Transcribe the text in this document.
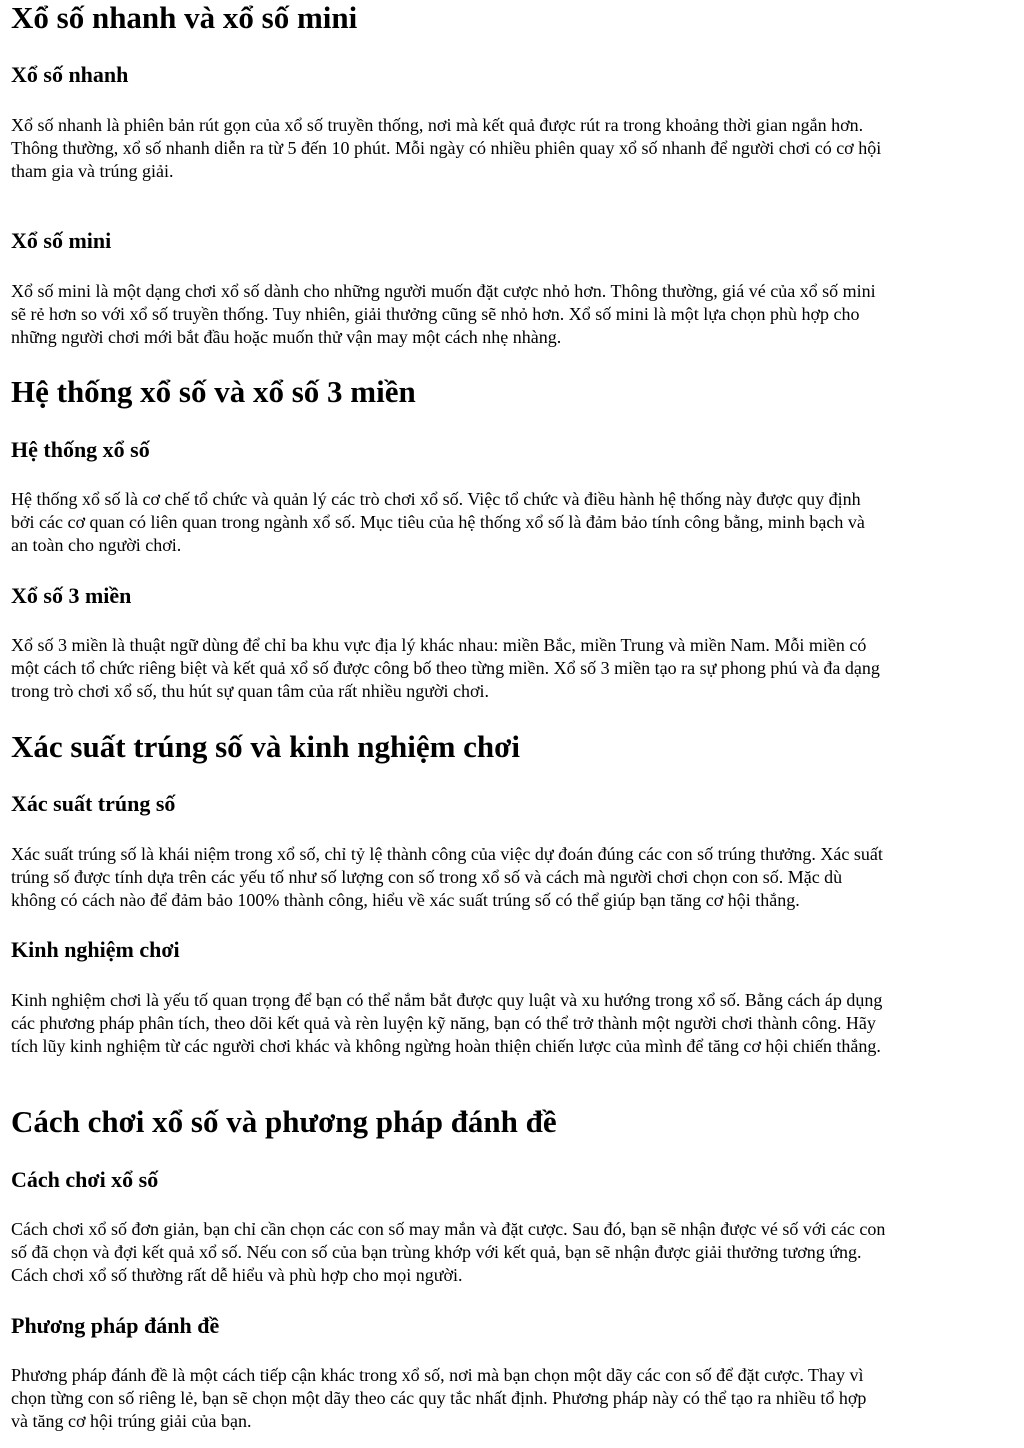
Xổ số nhanh và xổ số mini
Xổ số nhanh

Xổ số nhanh là phiên bản rút gọn của xổ số truyền thống, nơi mà kết quả được rút ra trong khoảng thời gian ngắn hơn.
Thông thường, xổ số nhanh diễn ra từ 5 đến 10 phút. Mỗi ngày có nhiều phiên quay xổ số nhanh để người chơi có cơ hội
tham gia và trúng giải.

Xổ số mini

Xổ số mini là một dạng chơi xổ số dành cho những người muốn đặt cược nhỏ hơn. Thông thường, giá vé của xổ số mini
sẽ rẻ hơn so với xổ số truyền thống. Tuy nhiên, giải thưởng cũng sẽ nhỏ hơn. Xổ số mini là một lựa chọn phù hợp cho
những người chơi mới bắt đầu hoặc muốn thử vận may một cách nhẹ nhàng.

Hệ thống xổ số và xổ số 3 miền
Hệ thống xổ số

Hệ thống xổ số là cơ chế tổ chức và quản lý các trò chơi xổ số. Việc tổ chức và điều hành hệ thống này được quy định
bởi các cơ quan có liên quan trong ngành xổ số. Mục tiêu của hệ thống xổ số là đảm bảo tính công bằng, minh bạch và
an toàn cho người chơi.

Xổ số 3 miền

Xổ số 3 miền là thuật ngữ dùng để chỉ ba khu vực địa lý khác nhau: miền Bắc, miền Trung và miền Nam. Mỗi miền có
một cách tổ chức riêng biệt và kết quả xổ số được công bố theo từng miền. Xổ số 3 miền tạo ra sự phong phú và đa dạng
trong trò chơi xổ số, thu hút sự quan tâm của rất nhiều người chơi.

Xác suất trúng số và kinh nghiệm chơi
Xác suất trúng số

Xác suất trúng số là khái niệm trong xổ số, chỉ tỷ lệ thành công của việc dự đoán đúng các con số trúng thưởng. Xác suất
trúng số được tính dựa trên các yếu tố như số lượng con số trong xổ số và cách mà người chơi chọn con số. Mặc dù
không có cách nào để đảm bảo 100% thành công, hiểu về xác suất trúng số có thể giúp bạn tăng cơ hội thắng.

Kinh nghiệm chơi

Kinh nghiệm chơi là yếu tố quan trọng để bạn có thể nắm bắt được quy luật và xu hướng trong xổ số. Bằng cách áp dụng
các phương pháp phân tích, theo dõi kết quả và rèn luyện kỹ năng, bạn có thể trở thành một người chơi thành công. Hãy
tích lũy kinh nghiệm từ các người chơi khác và không ngừng hoàn thiện chiến lược của mình để tăng cơ hội chiến thắng.

Cách chơi xổ số và phương pháp đánh đề
Cách chơi xổ số

Cách chơi xổ số đơn giản, bạn chỉ cần chọn các con số may mắn và đặt cược. Sau đó, bạn sẽ nhận được vé số với các con
số đã chọn và đợi kết quả xổ số. Nếu con số của bạn trùng khớp với kết quả, bạn sẽ nhận được giải thưởng tương ứng.
Cách chơi xổ số thường rất dễ hiểu và phù hợp cho mọi người.

Phương pháp đánh đề

Phương pháp đánh đề là một cách tiếp cận khác trong xổ số, nơi mà bạn chọn một dãy các con số để đặt cược. Thay vì
chọn từng con số riêng lẻ, bạn sẽ chọn một dãy theo các quy tắc nhất định. Phương pháp này có thể tạo ra nhiều tổ hợp
và tăng cơ hội trúng giải của bạn.
